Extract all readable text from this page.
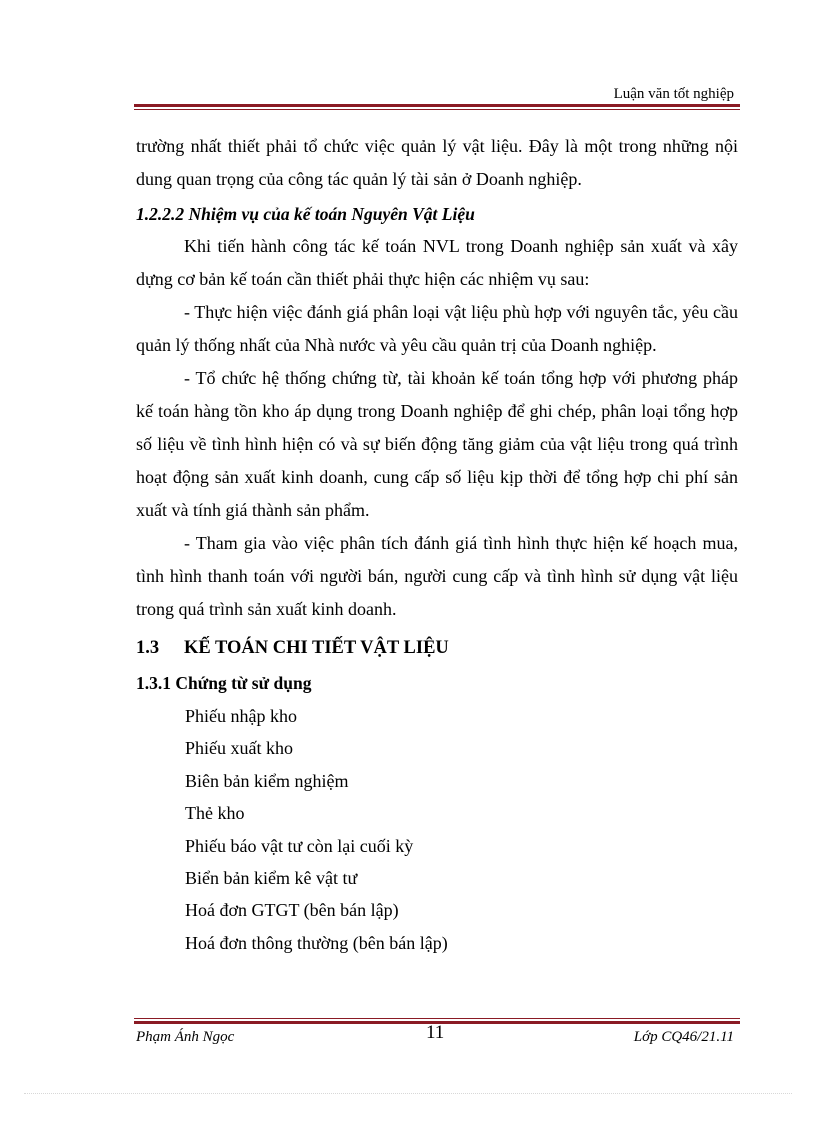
Luận văn tốt nghiệp

trường nhất thiết phải tổ chức việc quản lý vật liệu. Đây là một trong những nội dung quan trọng của công tác quản lý tài sản ở Doanh nghiệp.

1.2.2.2 Nhiệm vụ của kế toán Nguyên Vật Liệu

Khi tiến hành công tác kế toán NVL trong Doanh nghiệp sản xuất và xây dựng cơ bản kế toán cần thiết phải thực hiện các nhiệm vụ sau:

- Thực hiện việc đánh giá phân loại vật liệu phù hợp với nguyên tắc, yêu cầu quản lý thống nhất của Nhà nước và yêu cầu quản trị của Doanh nghiệp.

- Tổ chức hệ thống chứng từ, tài khoản kế toán tổng hợp với phương pháp kế toán hàng tồn kho áp dụng trong Doanh nghiệp để ghi chép, phân loại tổng hợp số liệu về tình hình hiện có và sự biến động tăng giảm của vật liệu trong quá trình hoạt động sản xuất kinh doanh, cung cấp số liệu kịp thời để tổng hợp chi phí sản xuất và tính giá thành sản phẩm.

- Tham gia vào việc phân tích đánh giá tình hình thực hiện kế hoạch mua, tình hình thanh toán với người bán, người cung cấp và tình hình sử dụng vật liệu trong quá trình sản xuất kinh doanh.

1.3 KẾ TOÁN CHI TIẾT VẬT LIỆU
1.3.1 Chứng từ sử dụng
Phiếu nhập kho
Phiếu xuất kho
Biên bản kiểm nghiệm
Thẻ kho
Phiếu báo vật tư còn lại cuối kỳ
Biển bản kiểm kê vật tư
Hoá đơn GTGT (bên bán lập)
Hoá đơn thông thường (bên bán lập)
Phạm Ánh Ngọc	11	Lớp CQ46/21.11
